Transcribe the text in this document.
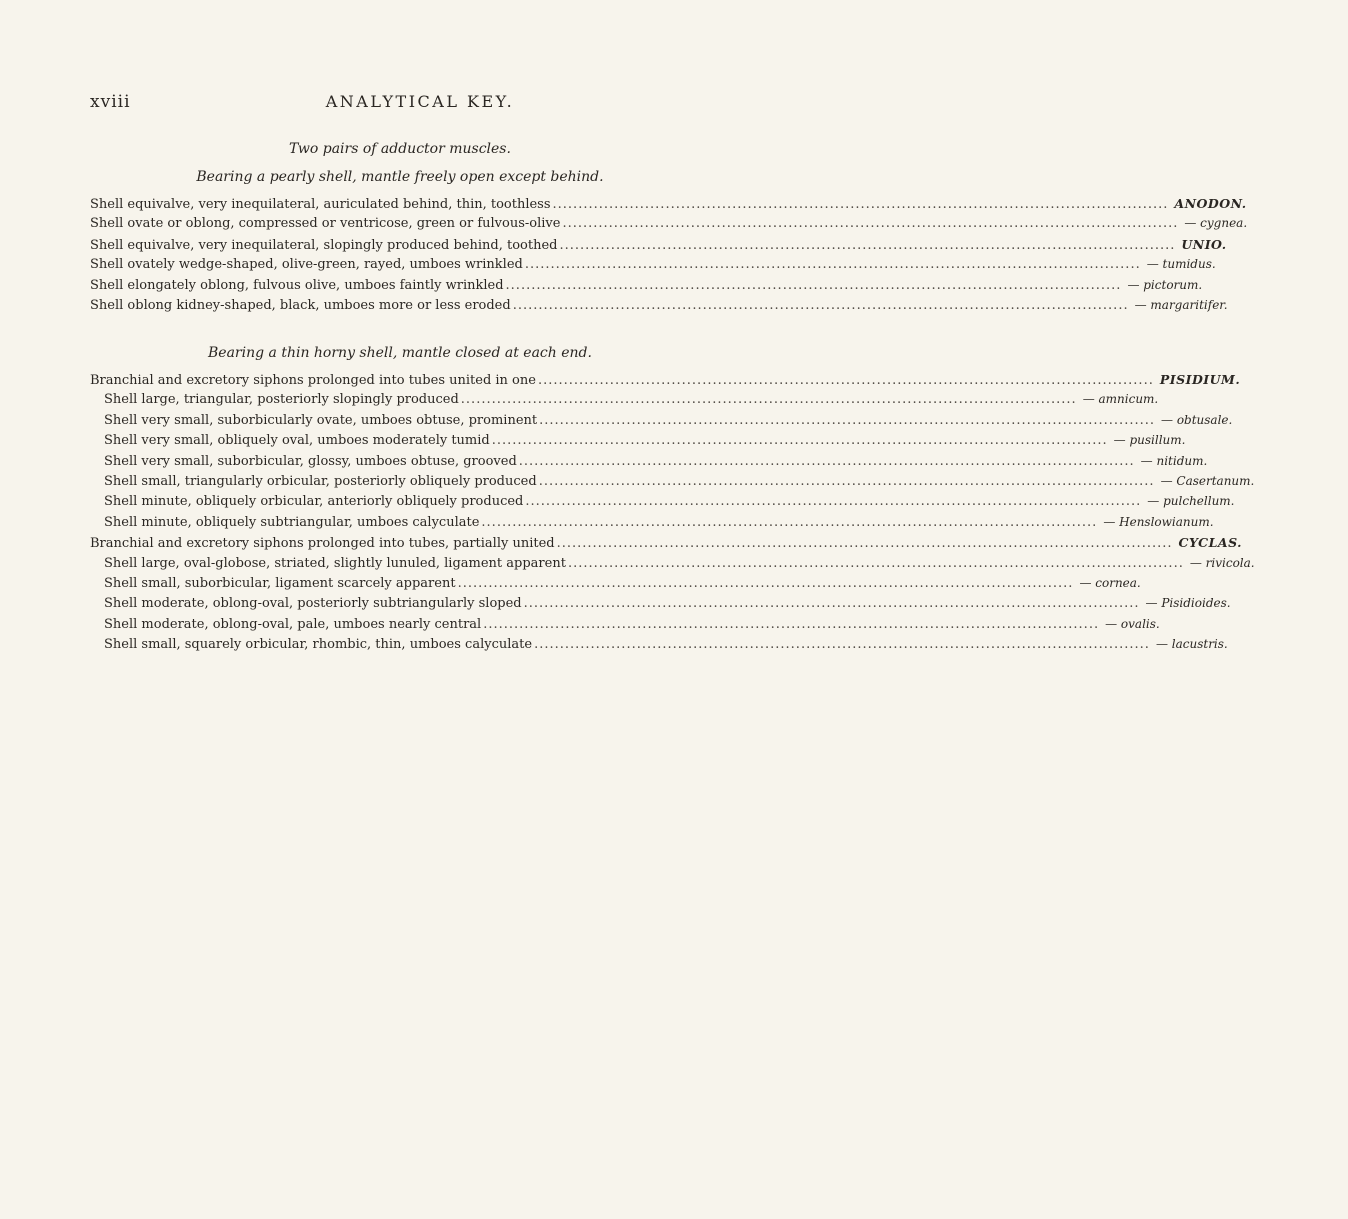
xviii	ANALYTICAL KEY.
Two pairs of adductor muscles.
Bearing a pearly shell, mantle freely open except behind.
Shell equivalve, very inequilateral, auriculated behind, thin, toothless ........................................................................................................................ ANODON.
Shell ovate or oblong, compressed or ventricose, green or fulvous-olive ........................................................................................................................ — cygnea.
Shell equivalve, very inequilateral, slopingly produced behind, toothed ........................................................................................................................ UNIO.
Shell ovately wedge-shaped, olive-green, rayed, umboes wrinkled ........................................................................................................................ — tumidus.
Shell elongately oblong, fulvous olive, umboes faintly wrinkled ........................................................................................................................ — pictorum.
Shell oblong kidney-shaped, black, umboes more or less eroded ........................................................................................................................ — margaritifer.
Bearing a thin horny shell, mantle closed at each end.
Branchial and excretory siphons prolonged into tubes united in one ........................................................................................................................ PISIDIUM.
Shell large, triangular, posteriorly slopingly produced ........................................................................................................................ — amnicum.
Shell very small, suborbicularly ovate, umboes obtuse, prominent ........................................................................................................................ — obtusale.
Shell very small, obliquely oval, umboes moderately tumid ........................................................................................................................ — pusillum.
Shell very small, suborbicular, glossy, umboes obtuse, grooved ........................................................................................................................ — nitidum.
Shell small, triangularly orbicular, posteriorly obliquely produced ........................................................................................................................ — Casertanum.
Shell minute, obliquely orbicular, anteriorly obliquely produced ........................................................................................................................ — pulchellum.
Shell minute, obliquely subtriangular, umboes calyculate ........................................................................................................................ — Henslowianum.
Branchial and excretory siphons prolonged into tubes, partially united ........................................................................................................................ CYCLAS.
Shell large, oval-globose, striated, slightly lunuled, ligament apparent ........................................................................................................................ — rivicola.
Shell small, suborbicular, ligament scarcely apparent ........................................................................................................................ — cornea.
Shell moderate, oblong-oval, posteriorly subtriangularly sloped ........................................................................................................................ — Pisidioides.
Shell moderate, oblong-oval, pale, umboes nearly central ........................................................................................................................ — ovalis.
Shell small, squarely orbicular, rhombic, thin, umboes calyculate ........................................................................................................................ — lacustris.
